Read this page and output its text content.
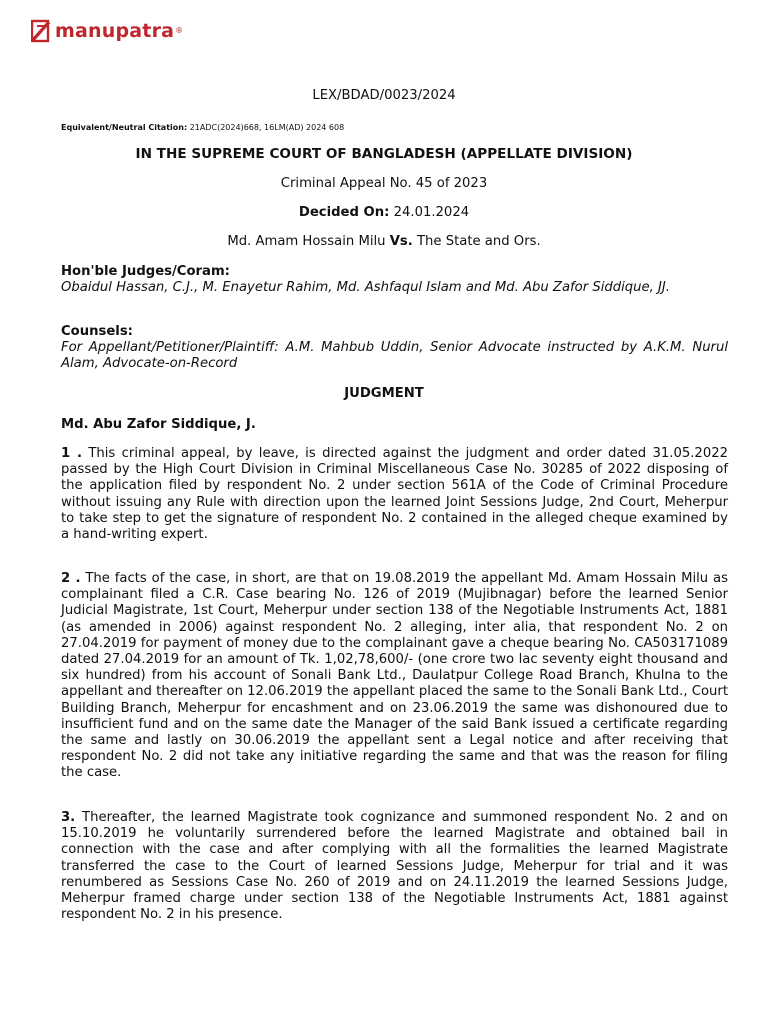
manupatra ®
LEX/BDAD/0023/2024
Equivalent/Neutral Citation: 21ADC(2024)668, 16LM(AD) 2024 608
IN THE SUPREME COURT OF BANGLADESH (APPELLATE DIVISION)
Criminal Appeal No. 45 of 2023
Decided On: 24.01.2024
Md. Amam Hossain Milu Vs. The State and Ors.
Hon'ble Judges/Coram:
Obaidul Hassan, C.J., M. Enayetur Rahim, Md. Ashfaqul Islam and Md. Abu Zafor Siddique, JJ.
Counsels:
For Appellant/Petitioner/Plaintiff: A.M. Mahbub Uddin, Senior Advocate instructed by A.K.M. Nurul Alam, Advocate-on-Record
JUDGMENT
Md. Abu Zafor Siddique, J.

1 . This criminal appeal, by leave, is directed against the judgment and order dated 31.05.2022 passed by the High Court Division in Criminal Miscellaneous Case No. 30285 of 2022 disposing of the application filed by respondent No. 2 under section 561A of the Code of Criminal Procedure without issuing any Rule with direction upon the learned Joint Sessions Judge, 2nd Court, Meherpur to take step to get the signature of respondent No. 2 contained in the alleged cheque examined by a hand-writing expert.

2 . The facts of the case, in short, are that on 19.08.2019 the appellant Md. Amam Hossain Milu as complainant filed a C.R. Case bearing No. 126 of 2019 (Mujibnagar) before the learned Senior Judicial Magistrate, 1st Court, Meherpur under section 138 of the Negotiable Instruments Act, 1881 (as amended in 2006) against respondent No. 2 alleging, inter alia, that respondent No. 2 on 27.04.2019 for payment of money due to the complainant gave a cheque bearing No. CA503171089 dated 27.04.2019 for an amount of Tk. 1,02,78,600/- (one crore two lac seventy eight thousand and six hundred) from his account of Sonali Bank Ltd., Daulatpur College Road Branch, Khulna to the appellant and thereafter on 12.06.2019 the appellant placed the same to the Sonali Bank Ltd., Court Building Branch, Meherpur for encashment and on 23.06.2019 the same was dishonoured due to insufficient fund and on the same date the Manager of the said Bank issued a certificate regarding the same and lastly on 30.06.2019 the appellant sent a Legal notice and after receiving that respondent No. 2 did not take any initiative regarding the same and that was the reason for filing the case.

3. Thereafter, the learned Magistrate took cognizance and summoned respondent No. 2 and on 15.10.2019 he voluntarily surrendered before the learned Magistrate and obtained bail in connection with the case and after complying with all the formalities the learned Magistrate transferred the case to the Court of learned Sessions Judge, Meherpur for trial and it was renumbered as Sessions Case No. 260 of 2019 and on 24.11.2019 the learned Sessions Judge, Meherpur framed charge under section 138 of the Negotiable Instruments Act, 1881 against respondent No. 2 in his presence.
